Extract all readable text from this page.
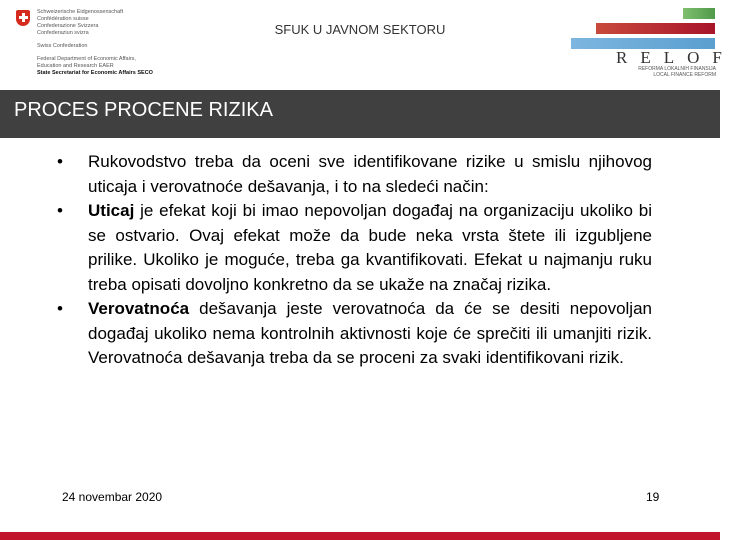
Schweizerische Eidgenossenschaft
Confédération suisse
Confederazione Svizzera
Confederaziun svizra
Swiss Confederation
Federal Department of Economic Affairs,
Education and Research EAER
State Secretariat for Economic Affairs SECO
SFUK U JAVNOM SEKTORU
RELOF
REFORMA LOKALNIH FINANSIJA
LOCAL FINANCE REFORM
PROCES PROCENE RIZIKA
• Rukovodstvo treba da oceni sve identifikovane rizike u smislu njihovog uticaja i verovatnoće dešavanja, i to na sledeći način:
• Uticaj je efekat koji bi imao nepovoljan događaj na organizaciju ukoliko bi se ostvario. Ovaj efekat može da bude neka vrsta štete ili izgubljene prilike. Ukoliko je moguće, treba ga kvantifikovati. Efekat u najmanju ruku treba opisati dovoljno konkretno da se ukaže na značaj rizika.
• Verovatnoća dešavanja jeste verovatnoća da će se desiti nepovoljan događaj ukoliko nema kontrolnih aktivnosti koje će sprečiti ili umanjiti rizik. Verovatnoća dešavanja treba da se proceni za svaki identifikovani rizik.
24 novembar 2020	19
